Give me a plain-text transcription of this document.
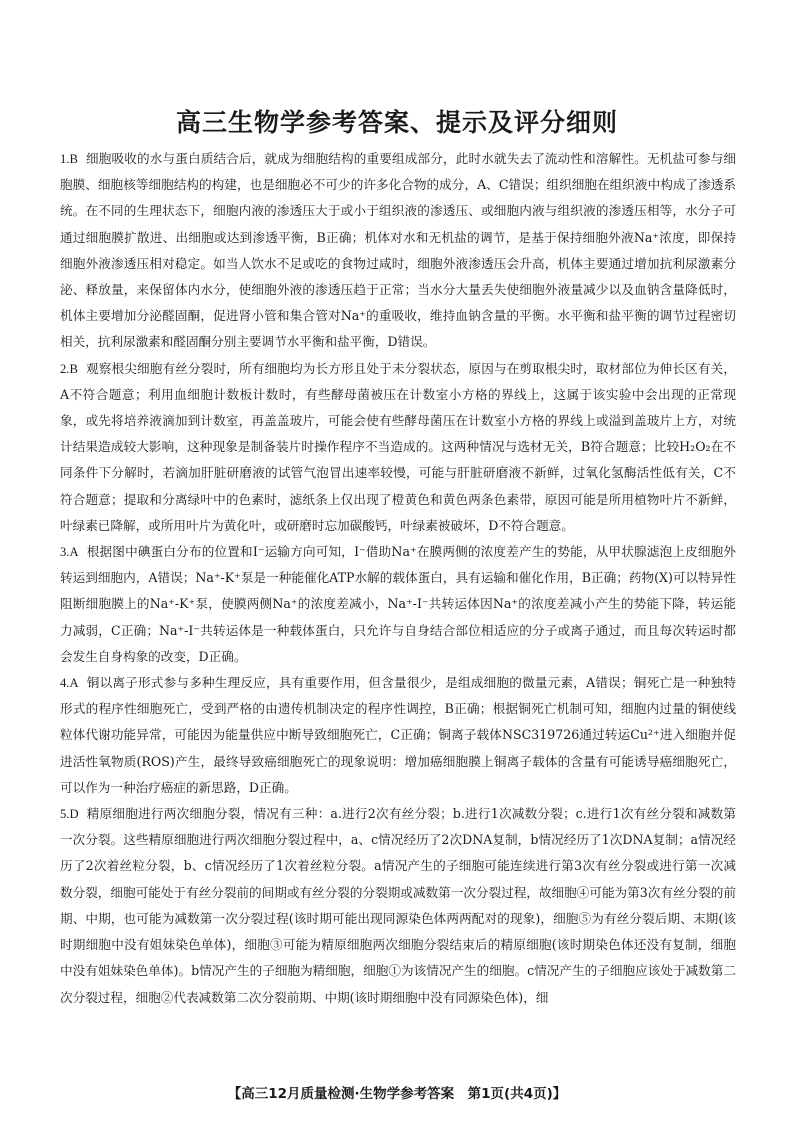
高三生物学参考答案、提示及评分细则

1.B 细胞吸收的水与蛋白质结合后，就成为细胞结构的重要组成部分，此时水就失去了流动性和溶解性。无机盐可参与细胞膜、细胞核等细胞结构的构建，也是细胞必不可少的许多化合物的成分，A、C错误；组织细胞在组织液中构成了渗透系统。在不同的生理状态下，细胞内液的渗透压大于或小于组织液的渗透压、或细胞内液与组织液的渗透压相等，水分子可通过细胞膜扩散进、出细胞或达到渗透平衡，B正确；机体对水和无机盐的调节，是基于保持细胞外液Na⁺浓度，即保持细胞外液渗透压相对稳定。如当人饮水不足或吃的食物过咸时，细胞外液渗透压会升高，机体主要通过增加抗利尿激素分泌、释放量，来保留体内水分，使细胞外液的渗透压趋于正常；当水分大量丢失使细胞外液量减少以及血钠含量降低时，机体主要增加分泌醛固酮，促进肾小管和集合管对Na⁺的重吸收，维持血钠含量的平衡。水平衡和盐平衡的调节过程密切相关，抗利尿激素和醛固酮分别主要调节水平衡和盐平衡，D错误。

2.B 观察根尖细胞有丝分裂时，所有细胞均为长方形且处于未分裂状态，原因与在剪取根尖时，取材部位为伸长区有关，A不符合题意；利用血细胞计数板计数时，有些酵母菌被压在计数室小方格的界线上，这属于该实验中会出现的正常现象，或先将培养液滴加到计数室，再盖盖玻片，可能会使有些酵母菌压在计数室小方格的界线上或溢到盖玻片上方，对统计结果造成较大影响，这种现象是制备装片时操作程序不当造成的。这两种情况与选材无关，B符合题意；比较H₂O₂在不同条件下分解时，若滴加肝脏研磨液的试管气泡冒出速率较慢，可能与肝脏研磨液不新鲜，过氧化氢酶活性低有关，C不符合题意；提取和分离绿叶中的色素时，滤纸条上仅出现了橙黄色和黄色两条色素带，原因可能是所用植物叶片不新鲜，叶绿素已降解，或所用叶片为黄化叶，或研磨时忘加碳酸钙，叶绿素被破坏，D不符合题意。

3.A 根据图中碘蛋白分布的位置和I⁻运输方向可知，I⁻借助Na⁺在膜两侧的浓度差产生的势能，从甲状腺滤泡上皮细胞外转运到细胞内，A错误；Na⁺-K⁺泵是一种能催化ATP水解的载体蛋白，具有运输和催化作用，B正确；药物(X)可以特异性阻断细胞膜上的Na⁺-K⁺泵，使膜两侧Na⁺的浓度差减小，Na⁺-I⁻共转运体因Na⁺的浓度差减小产生的势能下降，转运能力减弱，C正确；Na⁺-I⁻共转运体是一种载体蛋白，只允许与自身结合部位相适应的分子或离子通过，而且每次转运时都会发生自身构象的改变，D正确。

4.A 铜以离子形式参与多种生理反应，具有重要作用，但含量很少，是组成细胞的微量元素，A错误；铜死亡是一种独特形式的程序性细胞死亡，受到严格的由遗传机制决定的程序性调控，B正确；根据铜死亡机制可知，细胞内过量的铜使线粒体代谢功能异常，可能因为能量供应中断导致细胞死亡，C正确；铜离子载体NSC319726通过转运Cu²⁺进入细胞并促进活性氧物质(ROS)产生，最终导致癌细胞死亡的现象说明：增加癌细胞膜上铜离子载体的含量有可能诱导癌细胞死亡，可以作为一种治疗癌症的新思路，D正确。

5.D 精原细胞进行两次细胞分裂，情况有三种：a.进行2次有丝分裂；b.进行1次减数分裂；c.进行1次有丝分裂和减数第一次分裂。这些精原细胞进行两次细胞分裂过程中，a、c情况经历了2次DNA复制，b情况经历了1次DNA复制；a情况经历了2次着丝粒分裂，b、c情况经历了1次着丝粒分裂。a情况产生的子细胞可能连续进行第3次有丝分裂或进行第一次减数分裂，细胞可能处于有丝分裂前的间期或有丝分裂的分裂期或减数第一次分裂过程，故细胞④可能为第3次有丝分裂的前期、中期，也可能为减数第一次分裂过程(该时期可能出现同源染色体两两配对的现象)，细胞⑤为有丝分裂后期、末期(该时期细胞中没有姐妹染色单体)，细胞③可能为精原细胞两次细胞分裂结束后的精原细胞(该时期染色体还没有复制，细胞中没有姐妹染色单体)。b情况产生的子细胞为精细胞，细胞①为该情况产生的细胞。c情况产生的子细胞应该处于减数第二次分裂过程，细胞②代表减数第二次分裂前期、中期(该时期细胞中没有同源染色体)，细

【高三12月质量检测·生物学参考答案　第1页(共4页)】
